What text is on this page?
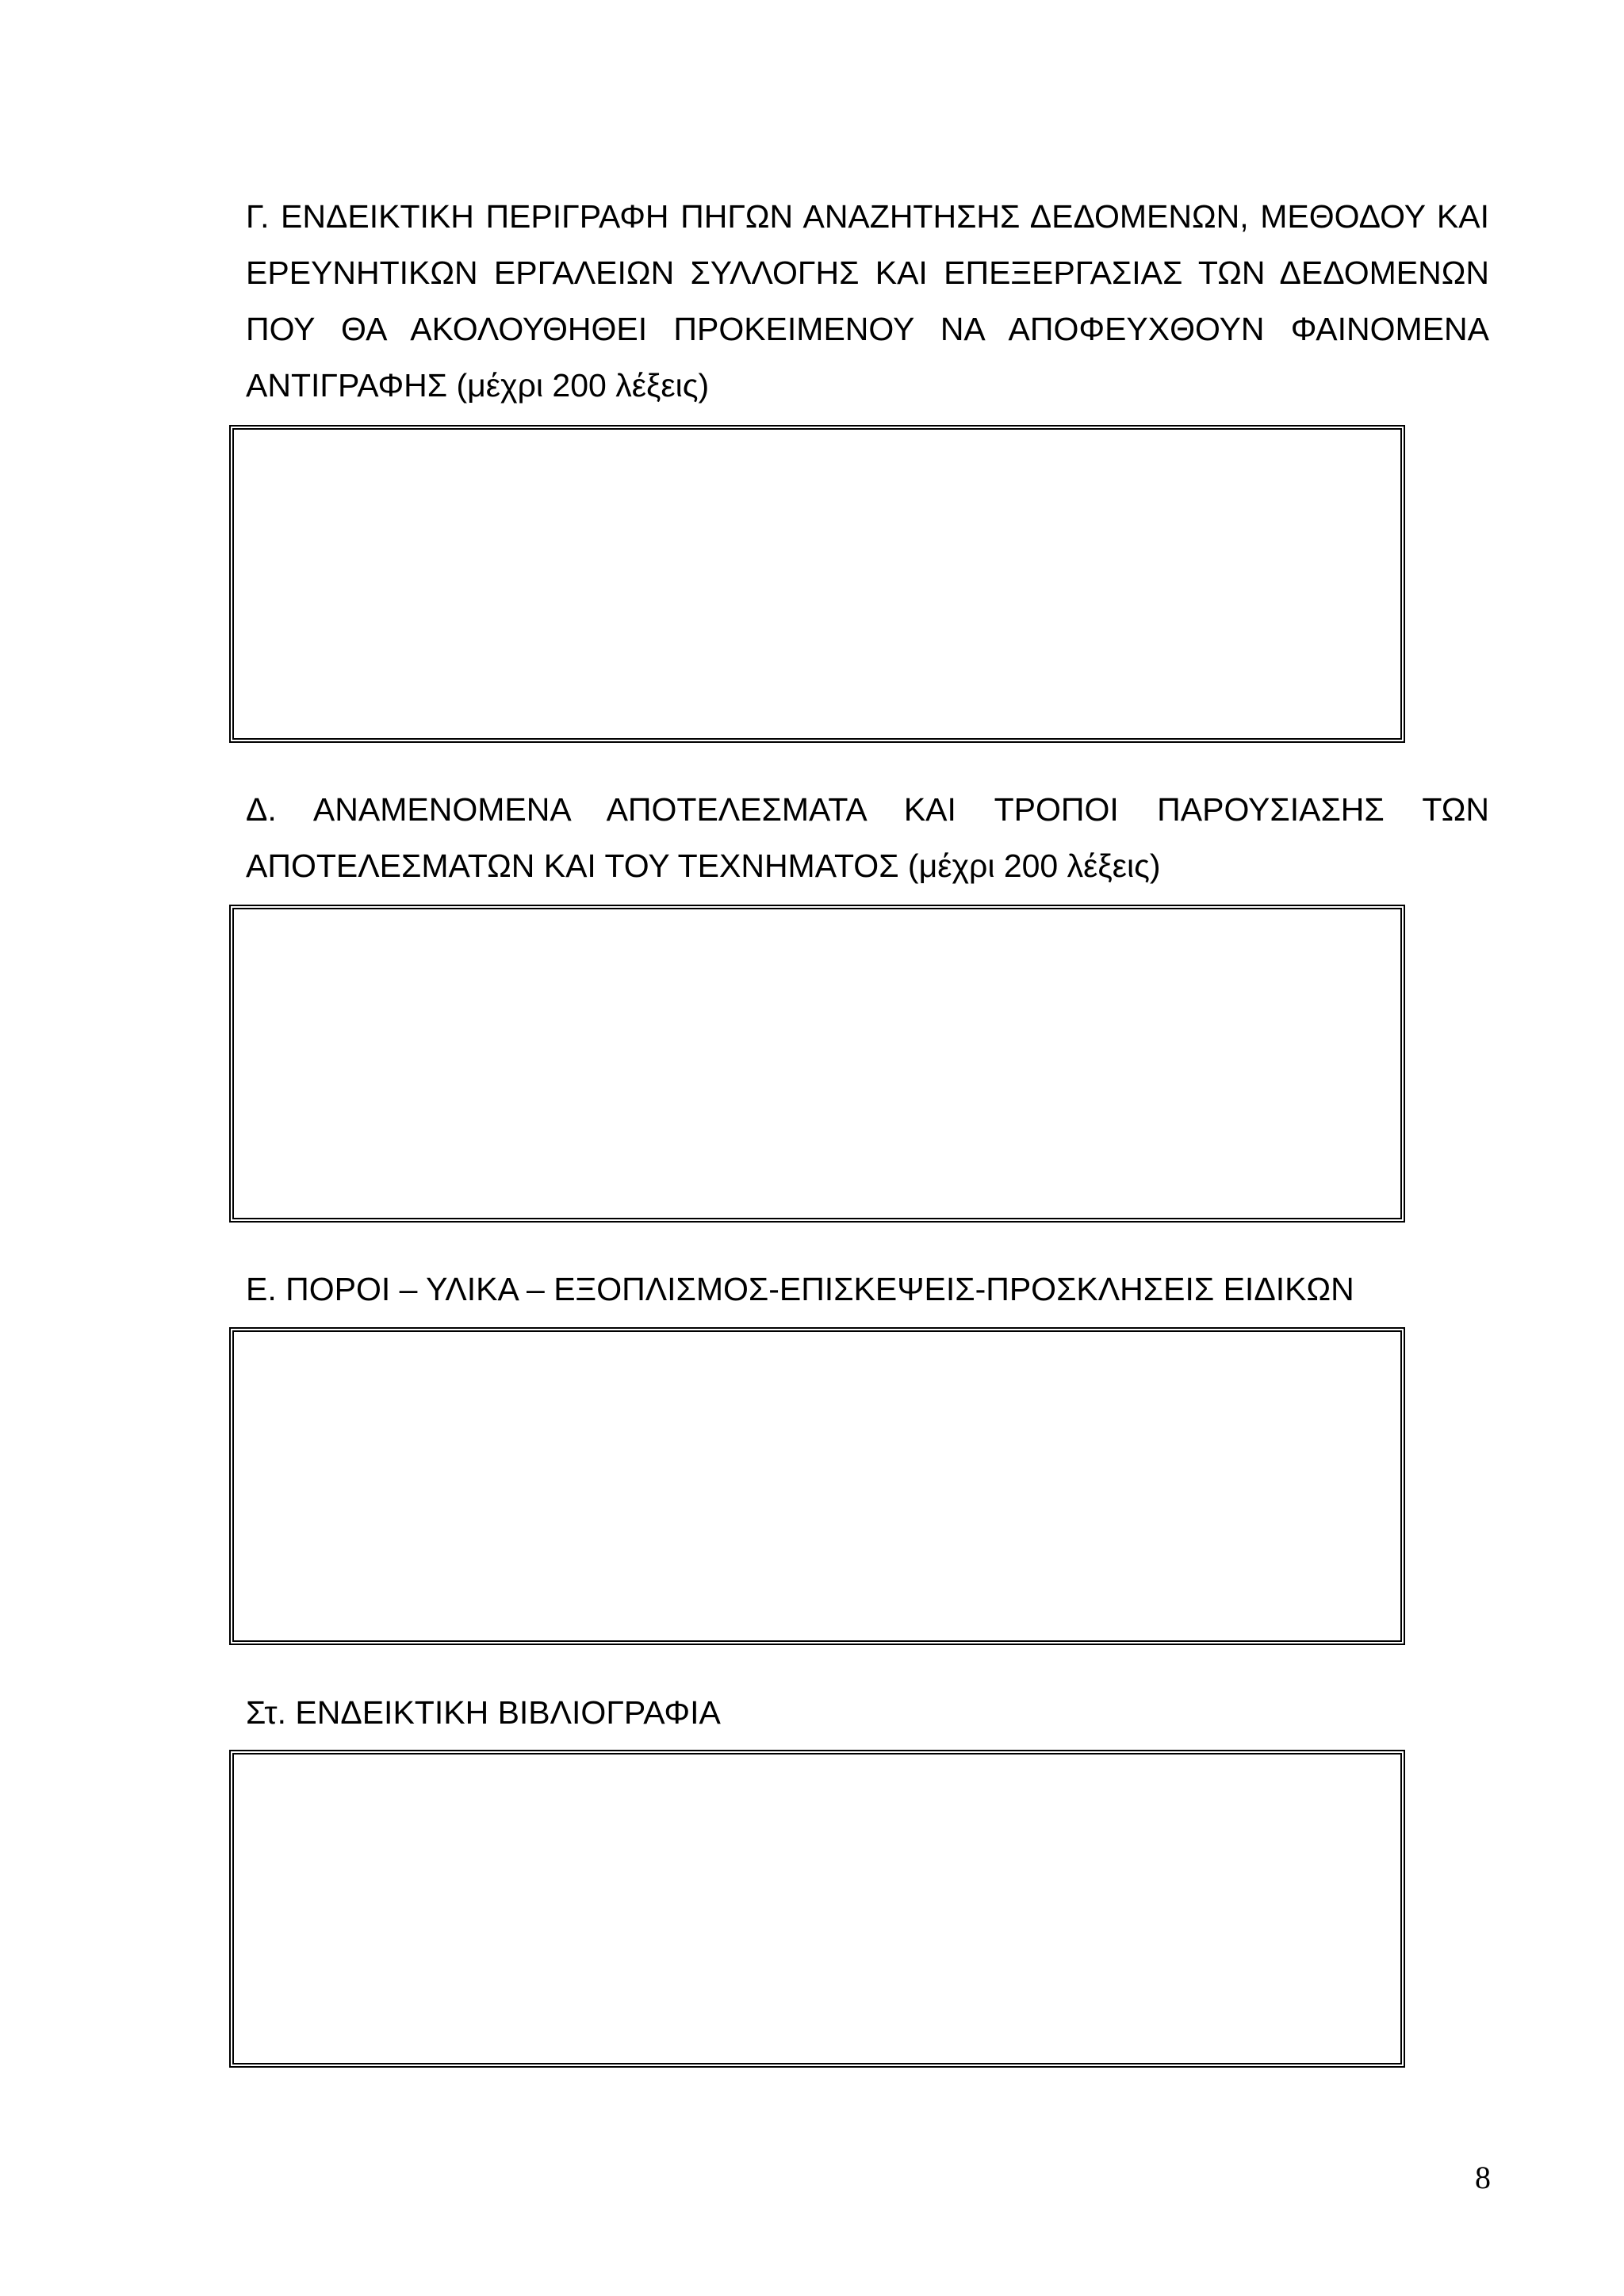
Γ. ΕΝΔΕΙΚΤΙΚΗ ΠΕΡΙΓΡΑΦΗ ΠΗΓΩΝ ΑΝΑΖΗΤΗΣΗΣ ΔΕΔΟΜΕΝΩΝ, ΜΕΘΟΔΟΥ ΚΑΙ ΕΡΕΥΝΗΤΙΚΩΝ ΕΡΓΑΛΕΙΩΝ ΣΥΛΛΟΓΗΣ ΚΑΙ ΕΠΕΞΕΡΓΑΣΙΑΣ ΤΩΝ ΔΕΔΟΜΕΝΩΝ ΠΟΥ ΘΑ ΑΚΟΛΟΥΘΗΘΕΙ ΠΡΟΚΕΙΜΕΝΟΥ ΝΑ ΑΠΟΦΕΥΧΘΟΥΝ ΦΑΙΝΟΜΕΝΑ ΑΝΤΙΓΡΑΦΗΣ (μέχρι 200 λέξεις)

Δ. ΑΝΑΜΕΝΟΜΕΝΑ ΑΠΟΤΕΛΕΣΜΑΤΑ ΚΑΙ ΤΡΟΠΟΙ ΠΑΡΟΥΣΙΑΣΗΣ ΤΩΝ ΑΠΟΤΕΛΕΣΜΑΤΩΝ ΚΑΙ ΤΟΥ ΤΕΧΝΗΜΑΤΟΣ (μέχρι 200 λέξεις)

Ε. ΠΟΡΟΙ – ΥΛΙΚΑ – ΕΞΟΠΛΙΣΜΟΣ-ΕΠΙΣΚΕΨΕΙΣ-ΠΡΟΣΚΛΗΣΕΙΣ ΕΙΔΙΚΩΝ

Στ. ΕΝΔΕΙΚΤΙΚΗ ΒΙΒΛΙΟΓΡΑΦΙΑ

8
